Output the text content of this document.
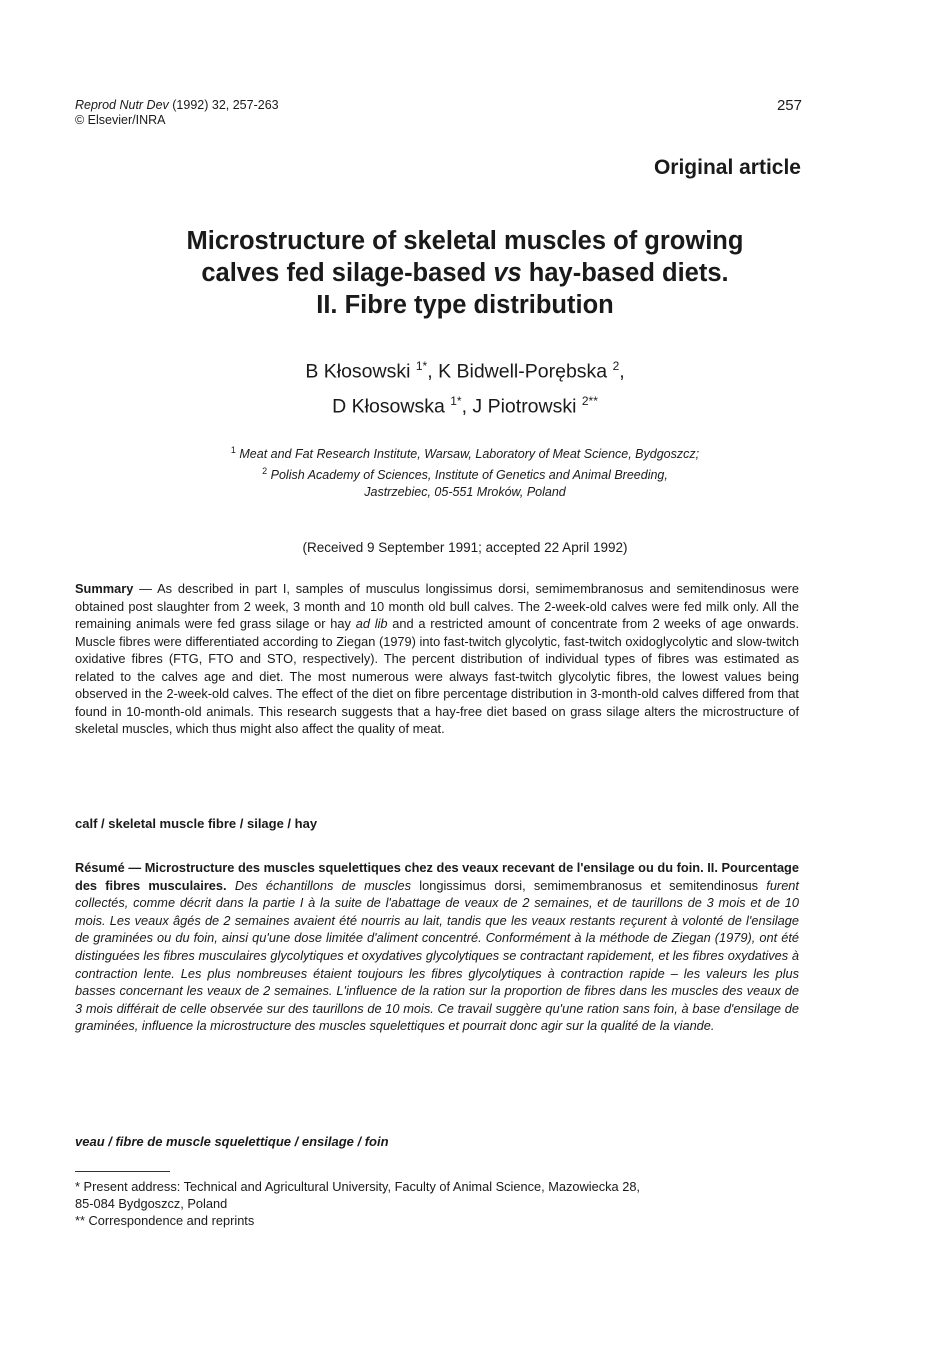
Reprod Nutr Dev (1992) 32, 257-263
© Elsevier/INRA
257
Original article
Microstructure of skeletal muscles of growing
calves fed silage-based vs hay-based diets.
II. Fibre type distribution
B Kłosowski $^{1*}$, K Bidwell-Porębska $^2$,
D Kłosowska $^{1*}$, J Piotrowski $^{2**}$
$^1$ Meat and Fat Research Institute, Warsaw, Laboratory of Meat Science, Bydgoszcz;
$^2$ Polish Academy of Sciences, Institute of Genetics and Animal Breeding,
Jastrzebiec, 05-551 Mroków, Poland
(Received 9 September 1991; accepted 22 April 1992)

Summary — As described in part I, samples of musculus longissimus dorsi, semimembranosus and semitendinosus were obtained post slaughter from 2 week, 3 month and 10 month old bull calves. The 2-week-old calves were fed milk only. All the remaining animals were fed grass silage or hay ad lib and a restricted amount of concentrate from 2 weeks of age onwards. Muscle fibres were differentiated according to Ziegan (1979) into fast-twitch glycolytic, fast-twitch oxidoglycolytic and slow-twitch oxidative fibres (FTG, FTO and STO, respectively). The percent distribution of individual types of fibres was estimated as related to the calves age and diet. The most numerous were always fast-twitch glycolytic fibres, the lowest values being observed in the 2-week-old calves. The effect of the diet on fibre percentage distribution in 3-month-old calves differed from that found in 10-month-old animals. This research suggests that a hay-free diet based on grass silage alters the microstructure of skeletal muscles, which thus might also affect the quality of meat.

calf / skeletal muscle fibre / silage / hay

Résumé — Microstructure des muscles squelettiques chez des veaux recevant de l'ensilage ou du foin. II. Pourcentage des fibres musculaires. Des échantillons de muscles longissimus dorsi, semimembranosus et semitendinosus furent collectés, comme décrit dans la partie I à la suite de l'abattage de veaux de 2 semaines, et de taurillons de 3 mois et de 10 mois. Les veaux âgés de 2 semaines avaient été nourris au lait, tandis que les veaux restants reçurent à volonté de l'ensilage de graminées ou du foin, ainsi qu'une dose limitée d'aliment concentré. Conformément à la méthode de Ziegan (1979), ont été distinguées les fibres musculaires glycolytiques et oxydatives glycolytiques se contractant rapidement, et les fibres oxydatives à contraction lente. Les plus nombreuses étaient toujours les fibres glycolytiques à contraction rapide – les valeurs les plus basses concernant les veaux de 2 semaines. L'influence de la ration sur la proportion de fibres dans les muscles des veaux de 3 mois différait de celle observée sur des taurillons de 10 mois. Ce travail suggère qu'une ration sans foin, à base d'ensilage de graminées, influence la microstructure des muscles squelettiques et pourrait donc agir sur la qualité de la viande.

veau / fibre de muscle squelettique / ensilage / foin
* Present address: Technical and Agricultural University, Faculty of Animal Science, Mazowiecka 28,
85-084 Bydgoszcz, Poland
** Correspondence and reprints
